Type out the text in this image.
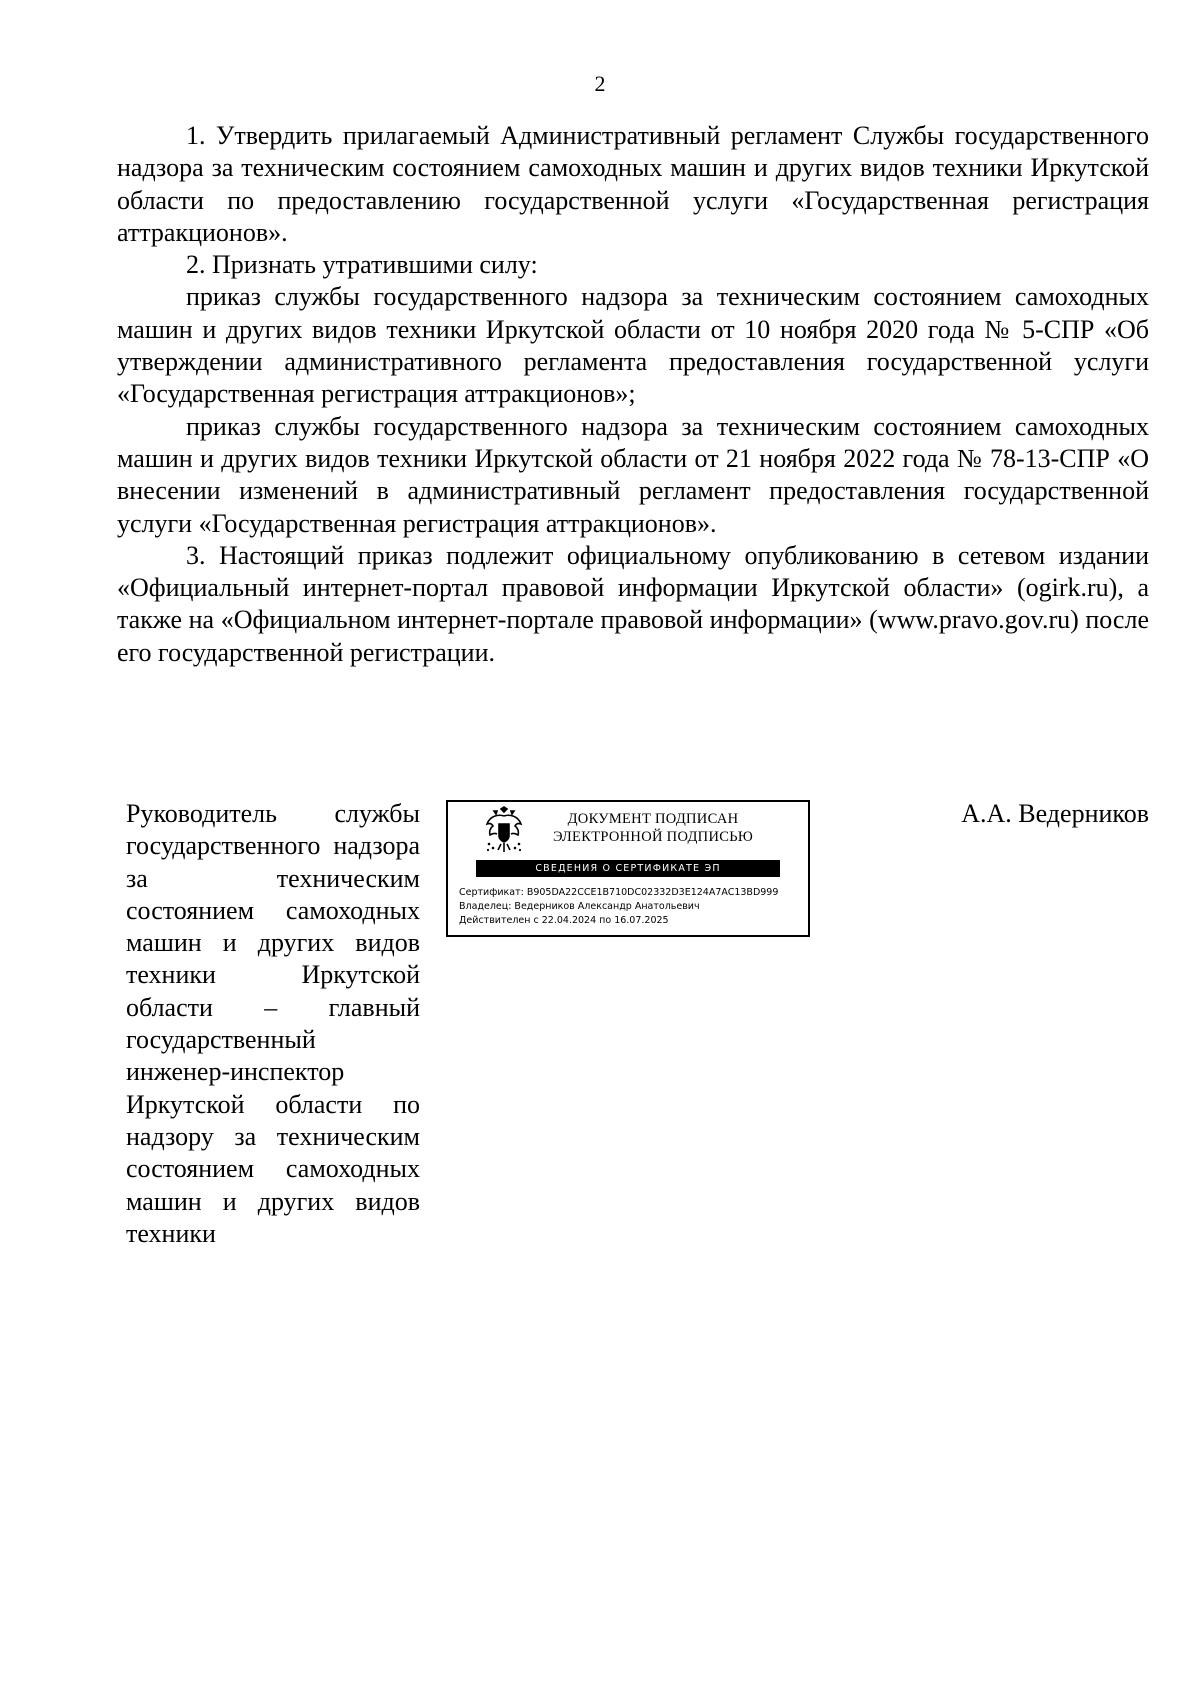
2

1. Утвердить прилагаемый Административный регламент Службы государственного надзора за техническим состоянием самоходных машин и других видов техники Иркутской области по предоставлению государственной услуги «Государственная регистрация аттракционов».

2. Признать утратившими силу:

приказ службы государственного надзора за техническим состоянием самоходных машин и других видов техники Иркутской области от 10 ноября 2020 года № 5-СПР «Об утверждении административного регламента предоставления государственной услуги «Государственная регистрация аттракционов»;

приказ службы государственного надзора за техническим состоянием самоходных машин и других видов техники Иркутской области от 21 ноября 2022 года № 78-13-СПР «О внесении изменений в административный регламент предоставления государственной услуги «Государственная регистрация аттракционов».

3. Настоящий приказ подлежит официальному опубликованию в сетевом издании «Официальный интернет-портал правовой информации Иркутской области» (ogirk.ru), а также на «Официальном интернет-портале правовой информации» (www.pravo.gov.ru) после его государственной регистрации.

Руководитель службы государственного надзора за техническим состоянием самоходных машин и других видов техники Иркутской области – главный государственный инженер-инспектор Иркутской области по надзору за техническим состоянием самоходных машин и других видов техники
ДОКУМЕНТ ПОДПИСАН
ЭЛЕКТРОННОЙ ПОДПИСЬЮ
СВЕДЕНИЯ О СЕРТИФИКАТЕ ЭП
Сертификат: B905DA22CCE1B710DC02332D3E124A7AC13BD999
Владелец: Ведерников Александр Анатольевич
Действителен с 22.04.2024 по 16.07.2025
А.А. Ведерников
